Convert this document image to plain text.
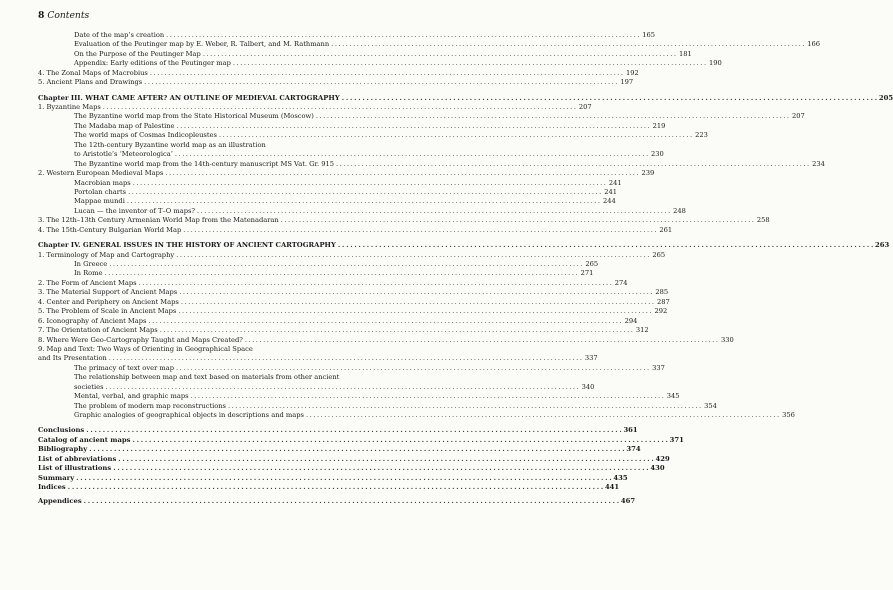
8 Contents
Date of the map’s creation . . .	165
Evaluation of the Peutinger map by E. Weber, R. Talbert, and M. Rathmann . . .	166
On the Purpose of the Peutinger Map . . .	181
Appendix: Early editions of the Peutinger map . . .	190
4. The Zonal Maps of Macrobius . . .	192
5. Ancient Plans and Drawings . . .	197
Chapter III. WHAT CAME AFTER? AN OUTLINE OF MEDIEVAL CARTOGRAPHY . . .	205
1. Byzantine Maps . . .	207
The Byzantine world map from the State Historical Museum (Moscow) . . .	207
The Madaba map of Palestine . . .	219
The world maps of Cosmas Indicopleustes . . .	223
The 12th-century Byzantine world map as an illustration
to Aristotle’s ‘Meteorologica’ . . .	230
The Byzantine world map from the 14th-century manuscript MS Vat. Gr. 915 . . .	234
2. Western European Medieval Maps . . .	239
Macrobian maps . . .	241
Portolan charts . . .	241
Mappae mundi . . .	244
Lucan — the inventor of T–O maps? . . .	248
3. The 12th–13th Century Armenian World Map from the Matenadaran . . .	258
4. The 15th-Century Bulgarian World Map . . .	261
Chapter IV. GENERAL ISSUES IN THE HISTORY OF ANCIENT CARTOGRAPHY . . .	263
1. Terminology of Map and Cartography . . .	265
In Greece . . .	265
In Rome . . .	271
2. The Form of Ancient Maps . . .	274
3. The Material Support of Ancient Maps . . .	285
4. Center and Periphery on Ancient Maps . . .	287
5. The Problem of Scale in Ancient Maps . . .	292
6. Iconography of Ancient Maps . . .	294
7. The Orientation of Ancient Maps . . .	312
8. Where Were Geo-Cartography Taught and Maps Created? . . .	330
9. Map and Text: Two Ways of Orienting in Geographical Space
and Its Presentation . . .	337
The primacy of text over map . . .	337
The relationship between map and text based on materials from other ancient
societies . . .	340
Mental, verbal, and graphic maps . . .	345
The problem of modern map reconstructions . . .	354
Graphic analogies of geographical objects in descriptions and maps . . .	356
Conclusions . . .	361
Catalog of ancient maps . . .	371
Bibliography . . .	374
List of abbreviations . . .	429
List of illustrations . . .	430
Summary . . .	435
Indices . . .	441
Appendices . . .	467
